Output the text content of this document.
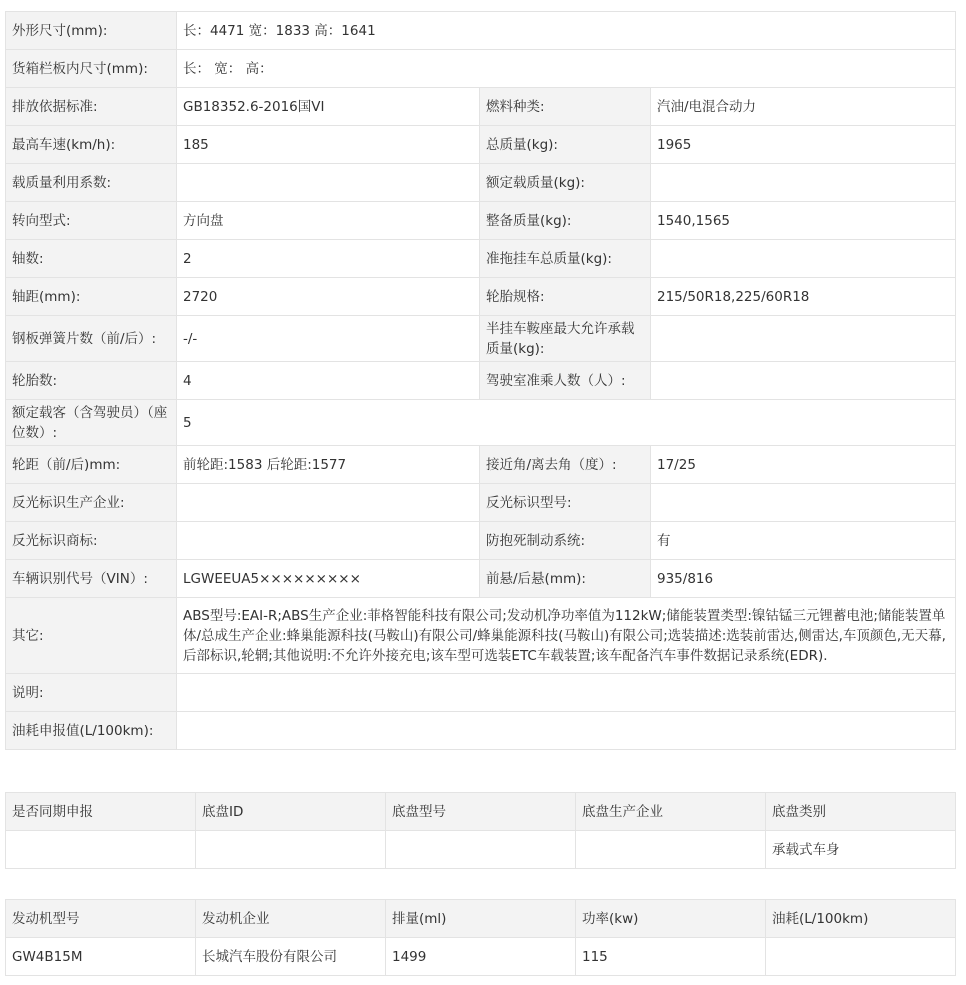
外形尺寸(mm):	长：4471 宽：1833 高：1641		
货箱栏板内尺寸(mm):	长： 宽： 高：		
排放依据标准:	GB18352.6-2016国VI	燃料种类:	汽油/电混合动力
最高车速(km/h):	185	总质量(kg):	1965
载质量利用系数:		额定载质量(kg):	
转向型式:	方向盘	整备质量(kg):	1540,1565
轴数:	2	准拖挂车总质量(kg):	
轴距(mm):	2720	轮胎规格:	215/50R18,225/60R18
钢板弹簧片数（前/后）:	-/-	半挂车鞍座最大允许承载质量(kg):	
轮胎数:	4	驾驶室准乘人数（人）:	
额定载客（含驾驶员）（座位数）:	5		
轮距（前/后)mm:	前轮距:1583 后轮距:1577	接近角/离去角（度）:	17/25
反光标识生产企业:		反光标识型号:	
反光标识商标:		防抱死制动系统:	有
车辆识别代号（VIN）:	LGWEEUA5×××××××××	前悬/后悬(mm):	935/816
其它:	ABS型号:EAI-R;ABS生产企业:菲格智能科技有限公司;发动机净功率值为112kW;储能装置类型:镍钴锰三元锂蓄电池;储能装置单体/总成生产企业:蜂巢能源科技(马鞍山)有限公司/蜂巢能源科技(马鞍山)有限公司;选装描述:选装前雷达,侧雷达,车顶颜色,无天幕,后部标识,轮辋;其他说明:不允许外接充电;该车型可选装ETC车载装置;该车配备汽车事件数据记录系统(EDR).		
说明:			
油耗申报值(L/100km):			
是否同期申报	底盘ID	底盘型号	底盘生产企业	底盘类别
				承载式车身
发动机型号	发动机企业	排量(ml)	功率(kw)	油耗(L/100km)
GW4B15M	长城汽车股份有限公司	1499	115	
